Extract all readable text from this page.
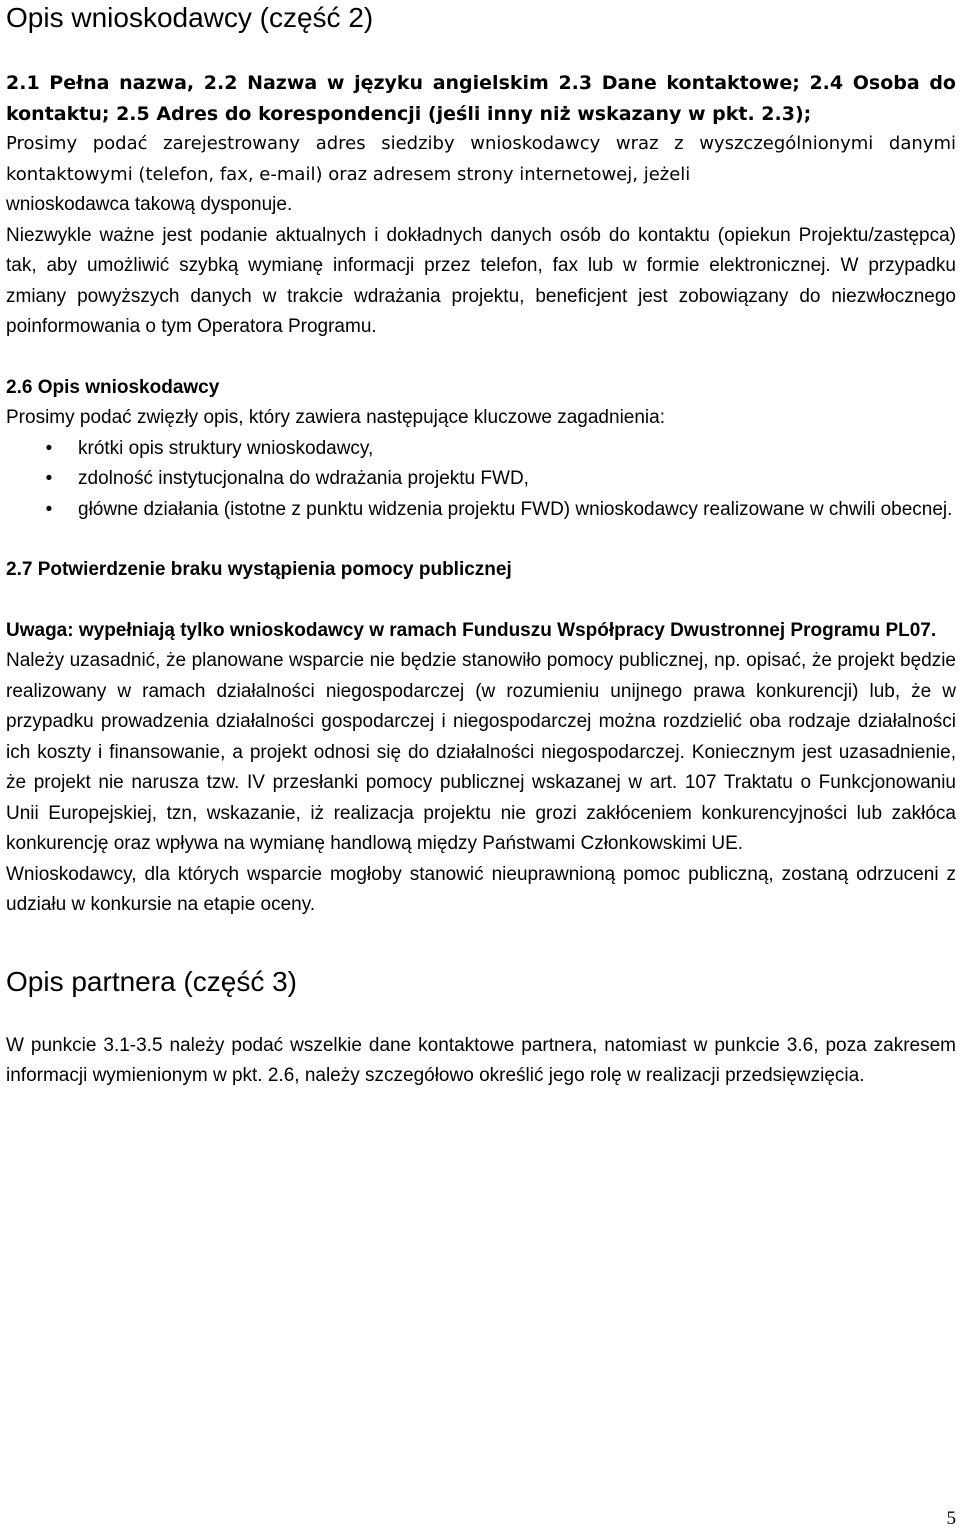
Opis wnioskodawcy (część 2)

2.1 Pełna nazwa, 2.2 Nazwa w języku angielskim 2.3 Dane kontaktowe; 2.4 Osoba do kontaktu; 2.5 Adres do korespondencji (jeśli inny niż wskazany w pkt. 2.3);

Prosimy podać zarejestrowany adres siedziby wnioskodawcy wraz z wyszczególnionymi danymi kontaktowymi (telefon, fax, e-mail) oraz adresem strony internetowej, jeżeli

wnioskodawca takową dysponuje.

Niezwykle ważne jest podanie aktualnych i dokładnych danych osób do kontaktu (opiekun Projektu/zastępca) tak, aby umożliwić szybką wymianę informacji przez telefon, fax lub w formie elektronicznej. W przypadku zmiany powyższych danych w trakcie wdrażania projektu, beneficjent jest zobowiązany do niezwłocznego poinformowania o tym Operatora Programu.

2.6 Opis wnioskodawcy

Prosimy podać zwięzły opis, który zawiera następujące kluczowe zagadnienia:

• krótki opis struktury wnioskodawcy,
• zdolność instytucjonalna do wdrażania projektu FWD,
• główne działania (istotne z punktu widzenia projektu FWD) wnioskodawcy realizowane w chwili obecnej.

2.7 Potwierdzenie braku wystąpienia pomocy publicznej

Uwaga: wypełniają tylko wnioskodawcy w ramach Funduszu Współpracy Dwustronnej Programu PL07.

Należy uzasadnić, że planowane wsparcie nie będzie stanowiło pomocy publicznej, np. opisać, że projekt będzie realizowany w ramach działalności niegospodarczej (w rozumieniu unijnego prawa konkurencji) lub, że w przypadku prowadzenia działalności gospodarczej i niegospodarczej można rozdzielić oba rodzaje działalności ich koszty i finansowanie, a projekt odnosi się do działalności niegospodarczej. Koniecznym jest uzasadnienie, że projekt nie narusza tzw. IV przesłanki pomocy publicznej wskazanej w art. 107 Traktatu o Funkcjonowaniu Unii Europejskiej, tzn, wskazanie, iż realizacja projektu nie grozi zakłóceniem konkurencyjności lub zakłóca konkurencję oraz wpływa na wymianę handlową między Państwami Członkowskimi UE.

Wnioskodawcy, dla których wsparcie mogłoby stanowić nieuprawnioną pomoc publiczną, zostaną odrzuceni z udziału w konkursie na etapie oceny.

Opis partnera (część 3)

W punkcie 3.1-3.5 należy podać wszelkie dane kontaktowe partnera, natomiast w punkcie 3.6, poza zakresem informacji wymienionym w pkt. 2.6, należy szczegółowo określić jego rolę w realizacji przedsięwzięcia.

5
